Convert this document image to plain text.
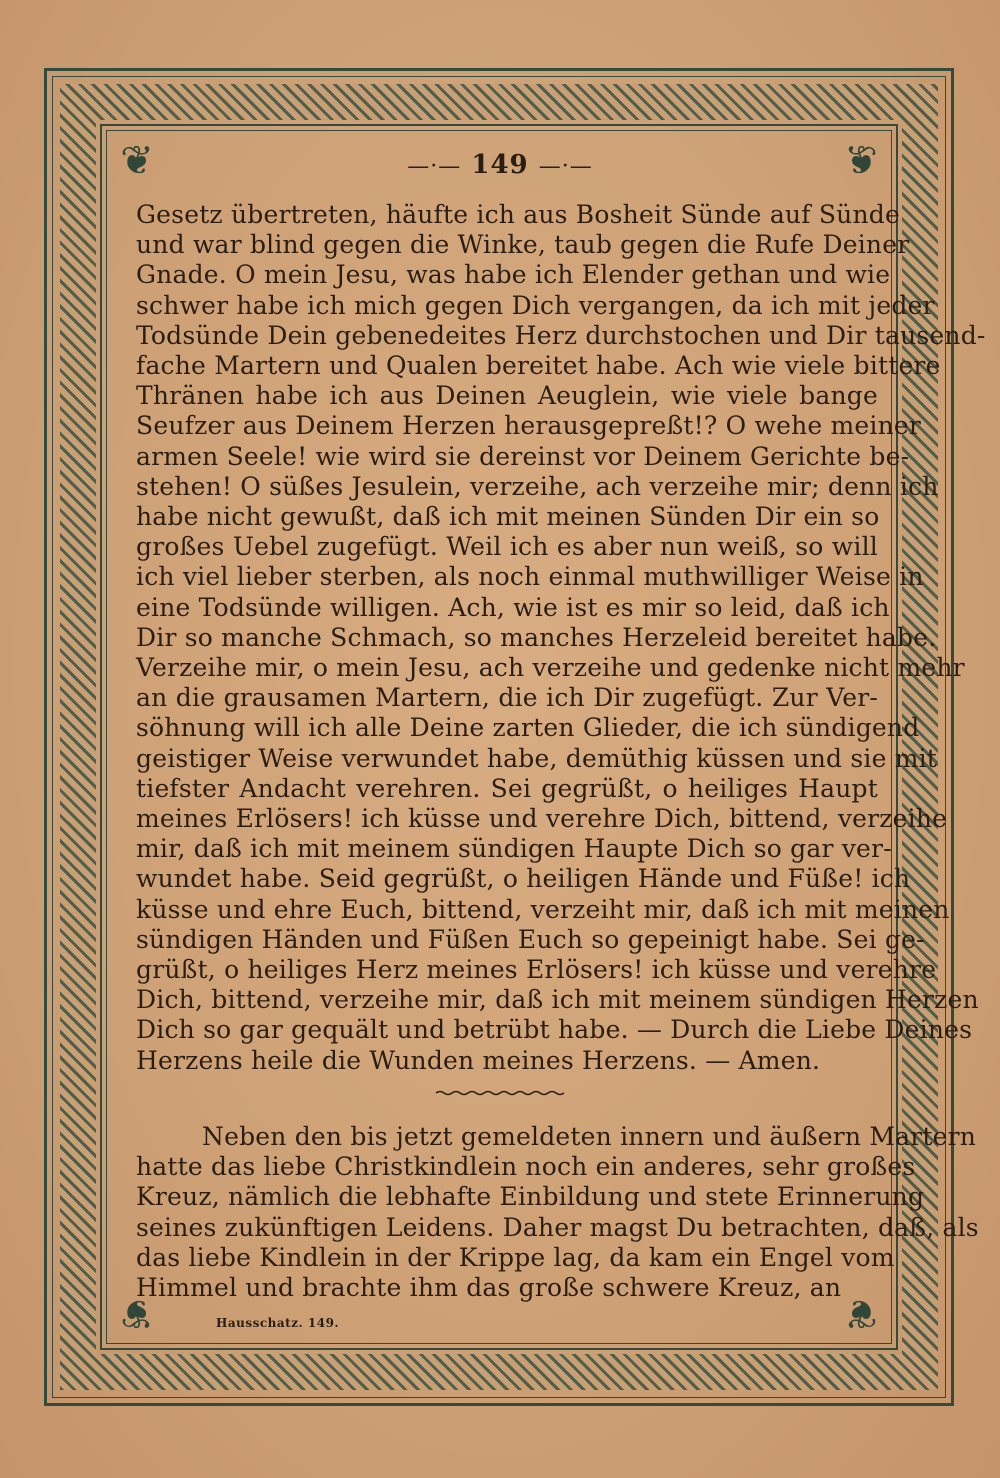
❦	❦
❦	❦
—·— 149 —·—
Gesetz übertreten, häufte ich aus Bosheit Sünde auf Sünde
und war blind gegen die Winke, taub gegen die Rufe Deiner
Gnade. O mein Jesu, was habe ich Elender gethan und wie
schwer habe ich mich gegen Dich vergangen, da ich mit jeder
Todsünde Dein gebenedeites Herz durchstochen und Dir tausend-
fache Martern und Qualen bereitet habe. Ach wie viele bittere
Thränen habe ich aus Deinen Aeuglein, wie viele bange
Seufzer aus Deinem Herzen herausgepreßt!? O wehe meiner
armen Seele! wie wird sie dereinst vor Deinem Gerichte be-
stehen! O süßes Jesulein, verzeihe, ach verzeihe mir; denn ich
habe nicht gewußt, daß ich mit meinen Sünden Dir ein so
großes Uebel zugefügt. Weil ich es aber nun weiß, so will
ich viel lieber sterben, als noch einmal muthwilliger Weise in
eine Todsünde willigen. Ach, wie ist es mir so leid, daß ich
Dir so manche Schmach, so manches Herzeleid bereitet habe.
Verzeihe mir, o mein Jesu, ach verzeihe und gedenke nicht mehr
an die grausamen Martern, die ich Dir zugefügt. Zur Ver-
söhnung will ich alle Deine zarten Glieder, die ich sündigend
geistiger Weise verwundet habe, demüthig küssen und sie mit
tiefster Andacht verehren. Sei gegrüßt, o heiliges Haupt
meines Erlösers! ich küsse und verehre Dich, bittend, verzeihe
mir, daß ich mit meinem sündigen Haupte Dich so gar ver-
wundet habe. Seid gegrüßt, o heiligen Hände und Füße! ich
küsse und ehre Euch, bittend, verzeiht mir, daß ich mit meinen
sündigen Händen und Füßen Euch so gepeinigt habe. Sei ge-
grüßt, o heiliges Herz meines Erlösers! ich küsse und verehre
Dich, bittend, verzeihe mir, daß ich mit meinem sündigen Herzen
Dich so gar gequält und betrübt habe. — Durch die Liebe Deines
Herzens heile die Wunden meines Herzens. — Amen.
Neben den bis jetzt gemeldeten innern und äußern Martern
hatte das liebe Christkindlein noch ein anderes, sehr großes
Kreuz, nämlich die lebhafte Einbildung und stete Erinnerung
seines zukünftigen Leidens. Daher magst Du betrachten, daß, als
das liebe Kindlein in der Krippe lag, da kam ein Engel vom
Himmel und brachte ihm das große schwere Kreuz, an
Hausschatz. 149.
